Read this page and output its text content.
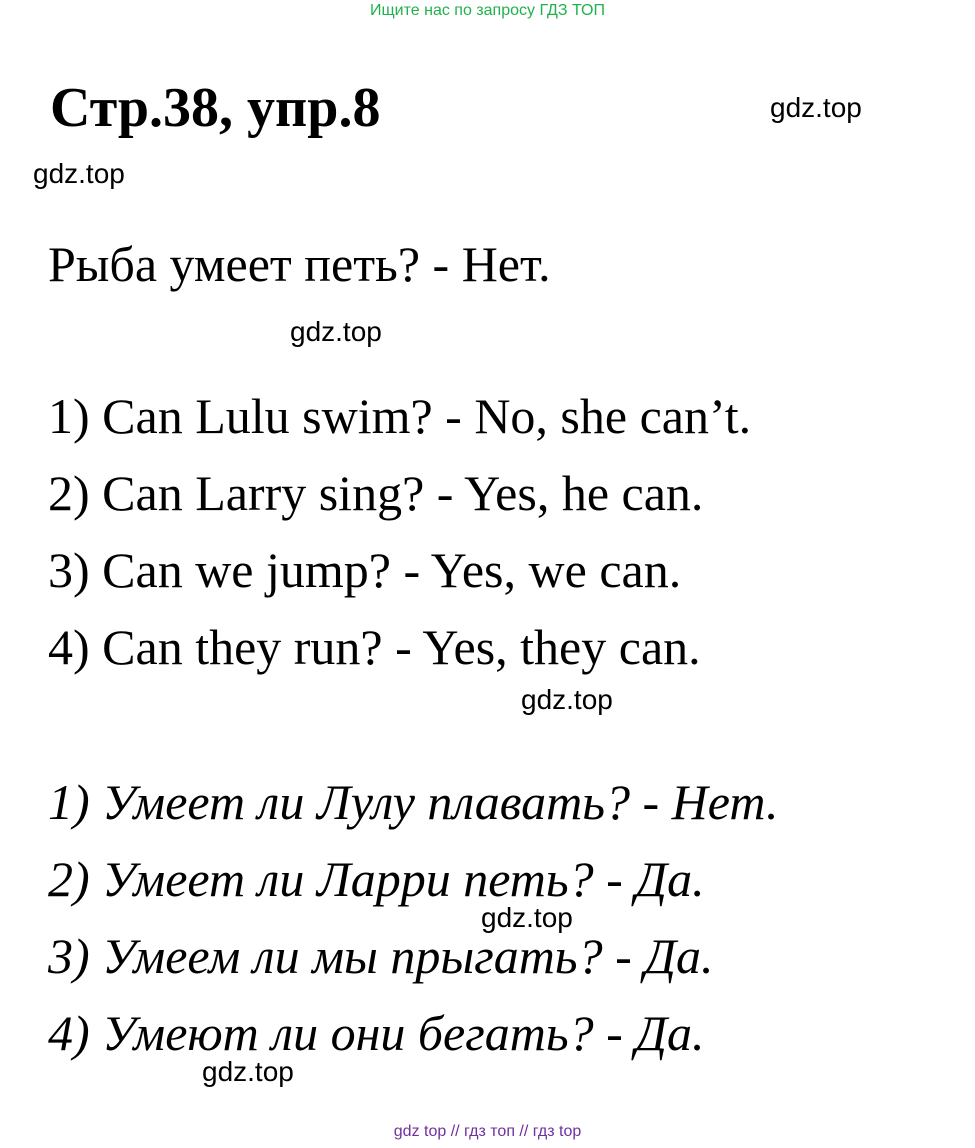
Ищите нас по запросу ГДЗ ТОП
Стр.38, упр.8	gdz.top
gdz.top
Рыба умеет петь? - Нет.
gdz.top
1) Can Lulu swim? - No, she can’t.
2) Can Larry sing? - Yes, he can.
3) Can we jump? - Yes, we can.
4) Can they run? - Yes, they can.
gdz.top
1) Умеет ли Лулу плавать? - Нет.
2) Умеет ли Ларри петь? - Да.
gdz.top
3) Умеем ли мы прыгать? - Да.
4) Умеют ли они бегать? - Да.
gdz.top
gdz top // гдз топ // гдз top
